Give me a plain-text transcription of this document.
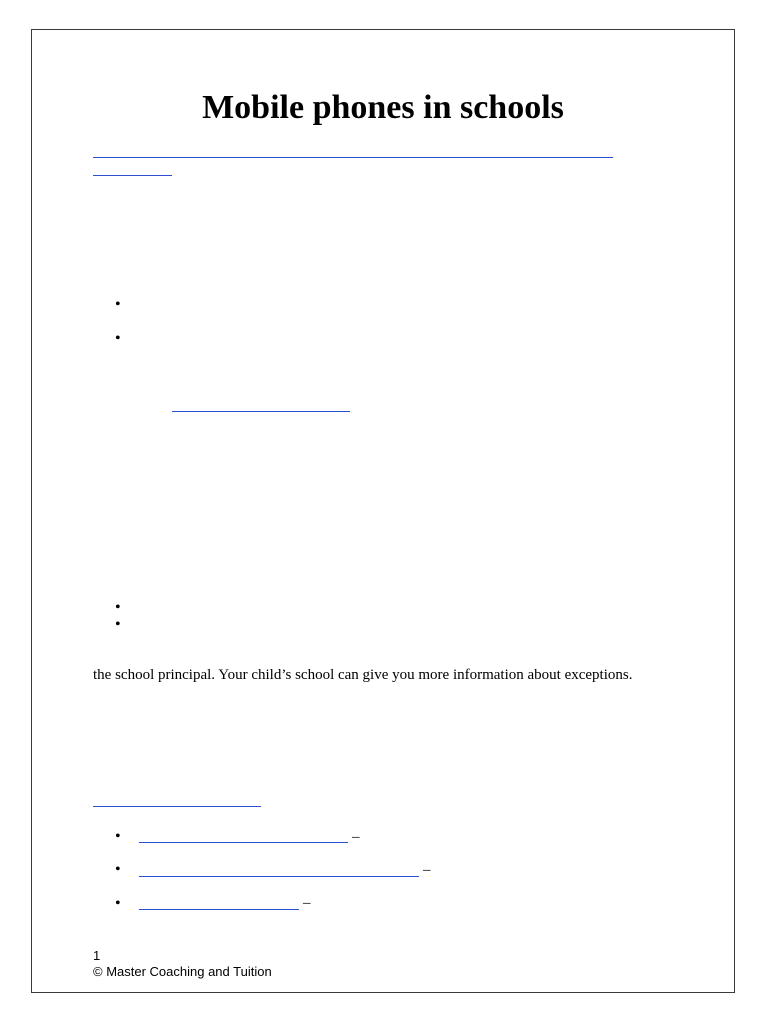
Mobile phones in schools
•
•
•
•

the school principal. Your child’s school can give you more information about exceptions.

•	–
•	–
•	–
1
© Master Coaching and Tuition
